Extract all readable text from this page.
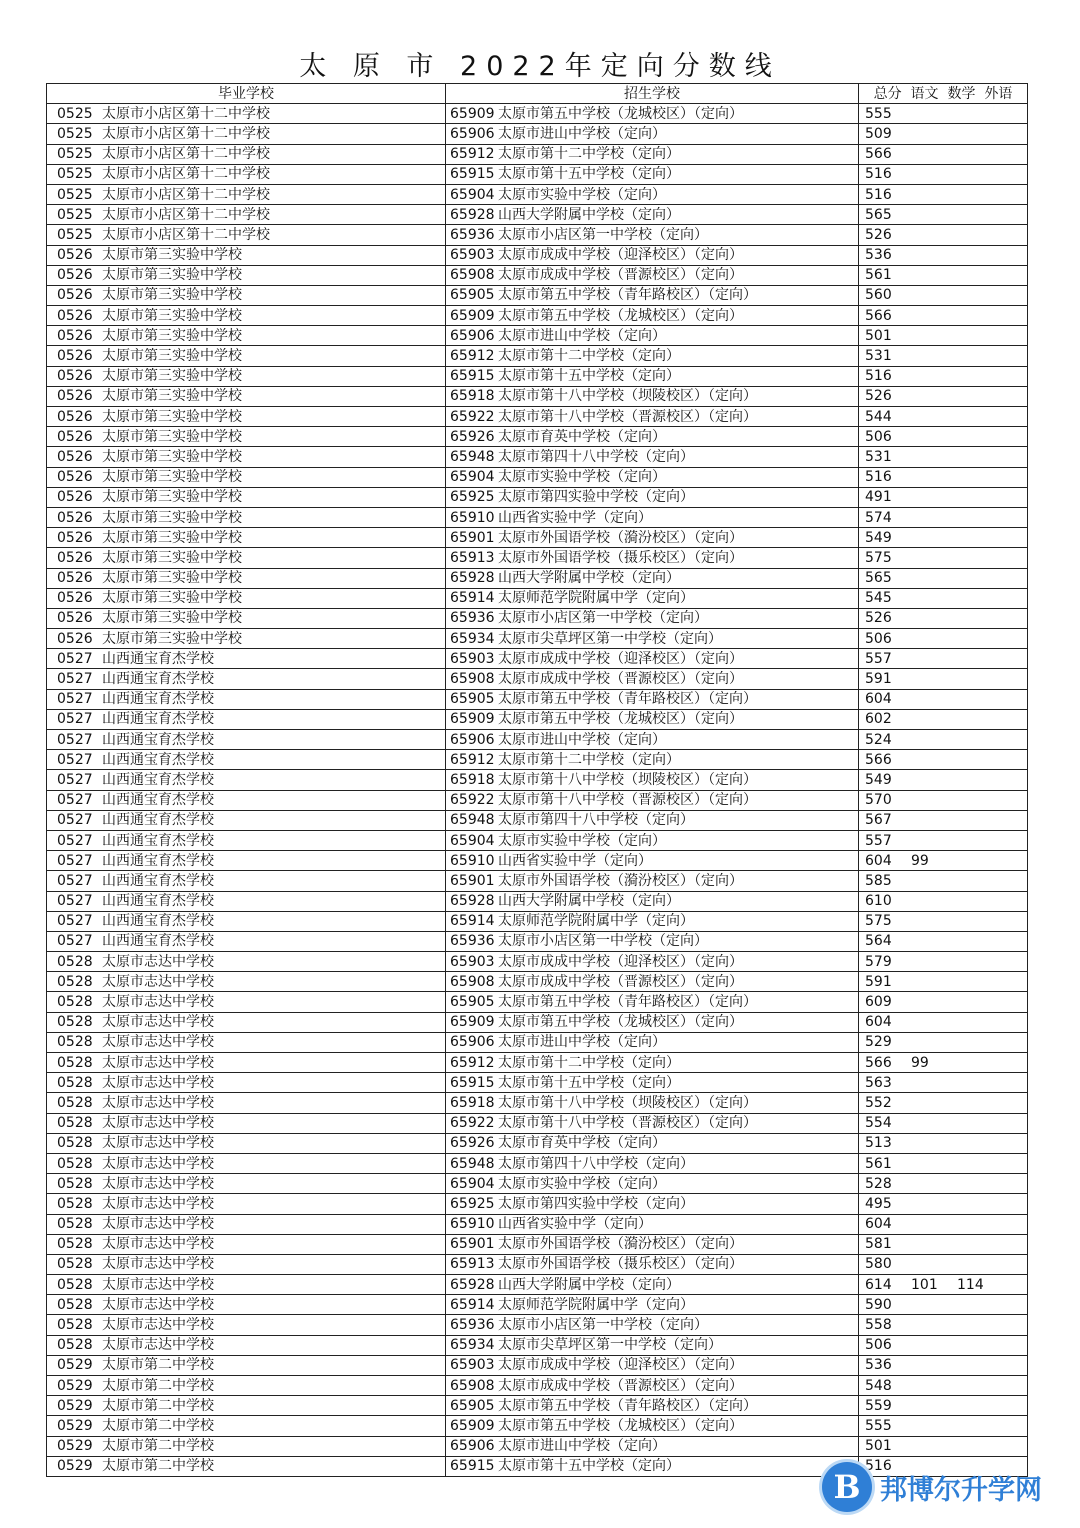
太 原 市 2022年定向分数线
毕业学校	招生学校	总分 语文 数学 外语
0525 太原市小店区第十二中学校	65909 太原市第五中学校（龙城校区）（定向）	555
0525 太原市小店区第十二中学校	65906 太原市进山中学校（定向）	509
0525 太原市小店区第十二中学校	65912 太原市第十二中学校（定向）	566
0525 太原市小店区第十二中学校	65915 太原市第十五中学校（定向）	516
0525 太原市小店区第十二中学校	65904 太原市实验中学校（定向）	516
0525 太原市小店区第十二中学校	65928 山西大学附属中学校（定向）	565
0525 太原市小店区第十二中学校	65936 太原市小店区第一中学校（定向）	526
0526 太原市第三实验中学校	65903 太原市成成中学校（迎泽校区）（定向）	536
0526 太原市第三实验中学校	65908 太原市成成中学校（晋源校区）（定向）	561
0526 太原市第三实验中学校	65905 太原市第五中学校（青年路校区）（定向）	560
0526 太原市第三实验中学校	65909 太原市第五中学校（龙城校区）（定向）	566
0526 太原市第三实验中学校	65906 太原市进山中学校（定向）	501
0526 太原市第三实验中学校	65912 太原市第十二中学校（定向）	531
0526 太原市第三实验中学校	65915 太原市第十五中学校（定向）	516
0526 太原市第三实验中学校	65918 太原市第十八中学校（坝陵校区）（定向）	526
0526 太原市第三实验中学校	65922 太原市第十八中学校（晋源校区）（定向）	544
0526 太原市第三实验中学校	65926 太原市育英中学校（定向）	506
0526 太原市第三实验中学校	65948 太原市第四十八中学校（定向）	531
0526 太原市第三实验中学校	65904 太原市实验中学校（定向）	516
0526 太原市第三实验中学校	65925 太原市第四实验中学校（定向）	491
0526 太原市第三实验中学校	65910 山西省实验中学（定向）	574
0526 太原市第三实验中学校	65901 太原市外国语学校（漪汾校区）（定向）	549
0526 太原市第三实验中学校	65913 太原市外国语学校（摄乐校区）（定向）	575
0526 太原市第三实验中学校	65928 山西大学附属中学校（定向）	565
0526 太原市第三实验中学校	65914 太原师范学院附属中学（定向）	545
0526 太原市第三实验中学校	65936 太原市小店区第一中学校（定向）	526
0526 太原市第三实验中学校	65934 太原市尖草坪区第一中学校（定向）	506
0527 山西通宝育杰学校	65903 太原市成成中学校（迎泽校区）（定向）	557
0527 山西通宝育杰学校	65908 太原市成成中学校（晋源校区）（定向）	591
0527 山西通宝育杰学校	65905 太原市第五中学校（青年路校区）（定向）	604
0527 山西通宝育杰学校	65909 太原市第五中学校（龙城校区）（定向）	602
0527 山西通宝育杰学校	65906 太原市进山中学校（定向）	524
0527 山西通宝育杰学校	65912 太原市第十二中学校（定向）	566
0527 山西通宝育杰学校	65918 太原市第十八中学校（坝陵校区）（定向）	549
0527 山西通宝育杰学校	65922 太原市第十八中学校（晋源校区）（定向）	570
0527 山西通宝育杰学校	65948 太原市第四十八中学校（定向）	567
0527 山西通宝育杰学校	65904 太原市实验中学校（定向）	557
0527 山西通宝育杰学校	65910 山西省实验中学（定向）	604 99
0527 山西通宝育杰学校	65901 太原市外国语学校（漪汾校区）（定向）	585
0527 山西通宝育杰学校	65928 山西大学附属中学校（定向）	610
0527 山西通宝育杰学校	65914 太原师范学院附属中学（定向）	575
0527 山西通宝育杰学校	65936 太原市小店区第一中学校（定向）	564
0528 太原市志达中学校	65903 太原市成成中学校（迎泽校区）（定向）	579
0528 太原市志达中学校	65908 太原市成成中学校（晋源校区）（定向）	591
0528 太原市志达中学校	65905 太原市第五中学校（青年路校区）（定向）	609
0528 太原市志达中学校	65909 太原市第五中学校（龙城校区）（定向）	604
0528 太原市志达中学校	65906 太原市进山中学校（定向）	529
0528 太原市志达中学校	65912 太原市第十二中学校（定向）	566 99
0528 太原市志达中学校	65915 太原市第十五中学校（定向）	563
0528 太原市志达中学校	65918 太原市第十八中学校（坝陵校区）（定向）	552
0528 太原市志达中学校	65922 太原市第十八中学校（晋源校区）（定向）	554
0528 太原市志达中学校	65926 太原市育英中学校（定向）	513
0528 太原市志达中学校	65948 太原市第四十八中学校（定向）	561
0528 太原市志达中学校	65904 太原市实验中学校（定向）	528
0528 太原市志达中学校	65925 太原市第四实验中学校（定向）	495
0528 太原市志达中学校	65910 山西省实验中学（定向）	604
0528 太原市志达中学校	65901 太原市外国语学校（漪汾校区）（定向）	581
0528 太原市志达中学校	65913 太原市外国语学校（摄乐校区）（定向）	580
0528 太原市志达中学校	65928 山西大学附属中学校（定向）	614 101 114
0528 太原市志达中学校	65914 太原师范学院附属中学（定向）	590
0528 太原市志达中学校	65936 太原市小店区第一中学校（定向）	558
0528 太原市志达中学校	65934 太原市尖草坪区第一中学校（定向）	506
0529 太原市第二中学校	65903 太原市成成中学校（迎泽校区）（定向）	536
0529 太原市第二中学校	65908 太原市成成中学校（晋源校区）（定向）	548
0529 太原市第二中学校	65905 太原市第五中学校（青年路校区）（定向）	559
0529 太原市第二中学校	65909 太原市第五中学校（龙城校区）（定向）	555
0529 太原市第二中学校	65906 太原市进山中学校（定向）	501
0529 太原市第二中学校	65915 太原市第十五中学校（定向）	516
B 邦博尔升学网
